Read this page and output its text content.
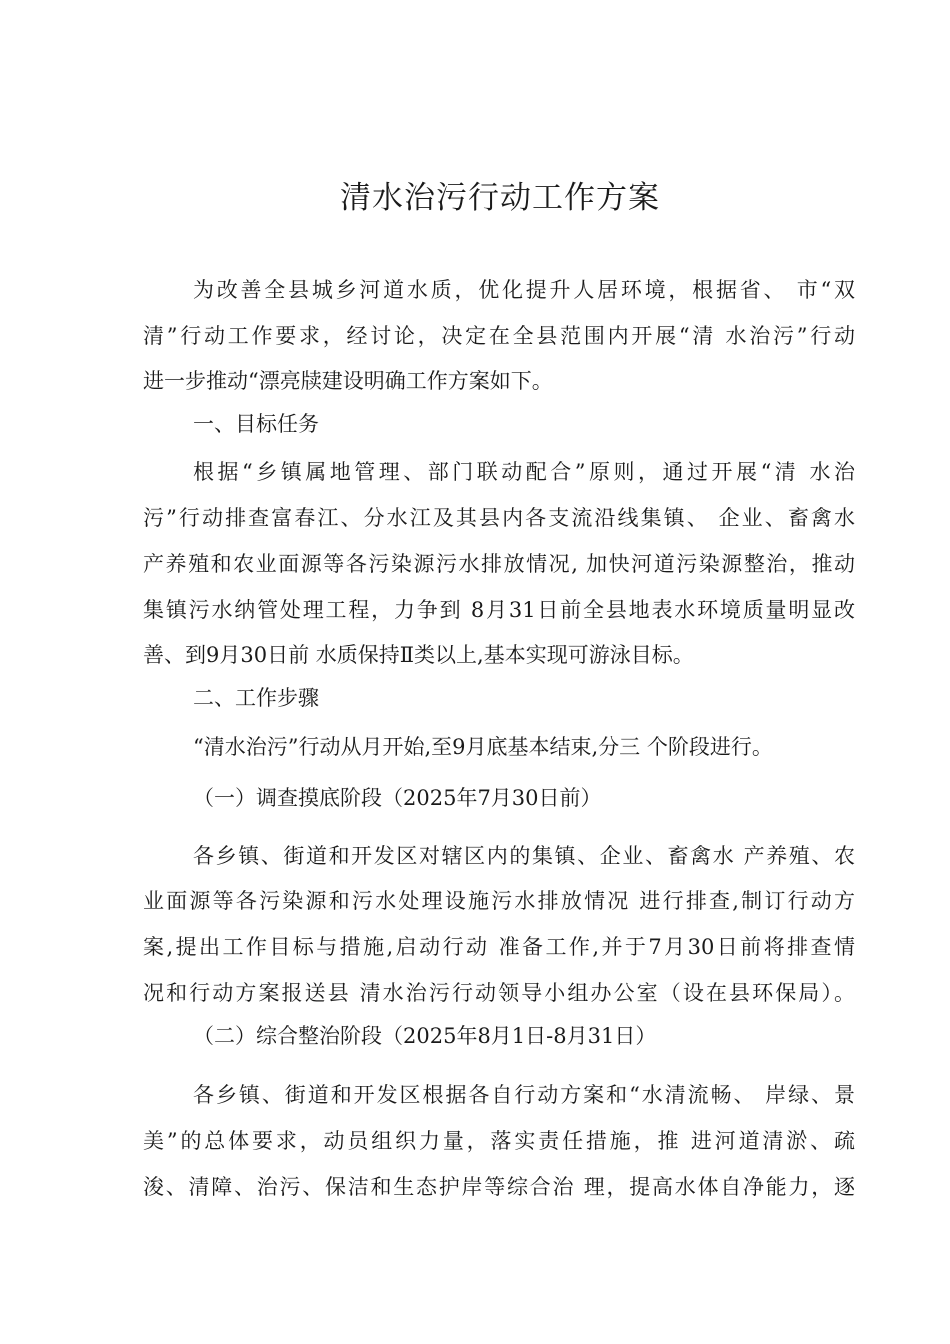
清水治污行动工作方案
为改善全县城乡河道水质，优化提升人居环境，根据省、 市“双
清”行动工作要求，经讨论，决定在全县范围内开展“清 水治污”行动
进一步推动“漂亮牍建设明确工作方案如下。
一、目标任务
根据“乡镇属地管理、部门联动配合”原则，通过开展“清 水治
污”行动排查富春江、分水江及其县内各支流沿线集镇、 企业、畜禽水
产养殖和农业面源等各污染源污水排放情况, 加快河道污染源整治，推动
集镇污水纳管处理工程，力争到 8月31日前全县地表水环境质量明显改
善、到9月30日前 水质保持Ⅱ类以上,基本实现可游泳目标。
二、工作步骤
“清水治污”行动从月开始,至9月底基本结束,分三 个阶段进行。
（一）调查摸底阶段（2025年7月30日前）
各乡镇、街道和开发区对辖区内的集镇、企业、畜禽水 产养殖、农
业面源等各污染源和污水处理设施污水排放情况 进行排查,制订行动方
案,提出工作目标与措施,启动行动 准备工作,并于7月30日前将排查情
况和行动方案报送县 清水治污行动领导小组办公室（设在县环保局）。
（二）综合整治阶段（2025年8月1日-8月31日）
各乡镇、街道和开发区根据各自行动方案和“水清流畅、 岸绿、景
美”的总体要求，动员组织力量，落实责任措施，推 进河道清淤、疏
浚、清障、治污、保洁和生态护岸等综合治 理，提高水体自净能力，逐
